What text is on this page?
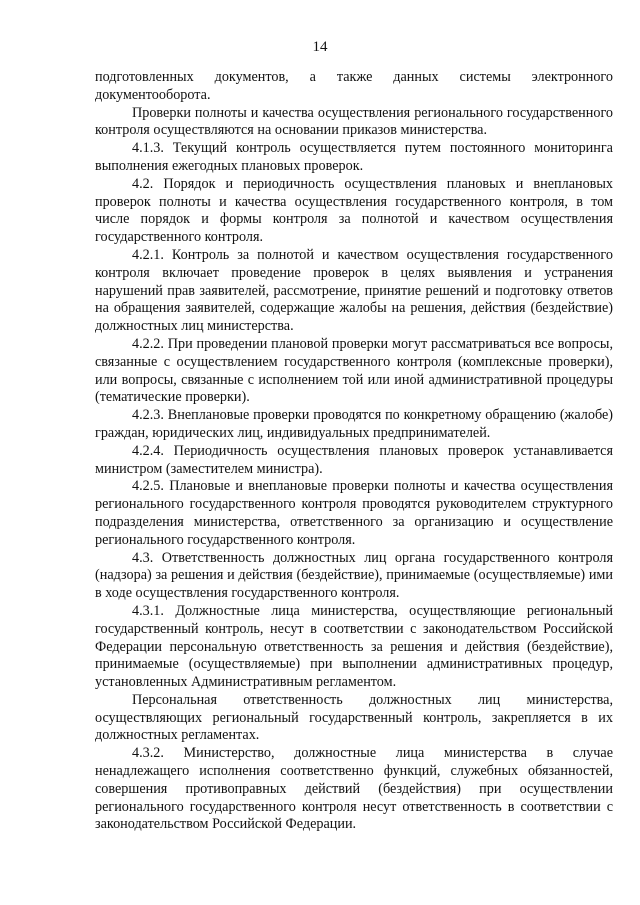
14

подготовленных документов, а также данных системы электронного документооборота.

Проверки полноты и качества осуществления регионального государственного контроля осуществляются на основании приказов министерства.

4.1.3. Текущий контроль осуществляется путем постоянного мониторинга выполнения ежегодных плановых проверок.

4.2. Порядок и периодичность осуществления плановых и внеплановых проверок полноты и качества осуществления государственного контроля, в том числе порядок и формы контроля за полнотой и качеством осуществления государственного контроля.

4.2.1. Контроль за полнотой и качеством осуществления государственного контроля включает проведение проверок в целях выявления и устранения нарушений прав заявителей, рассмотрение, принятие решений и подготовку ответов на обращения заявителей, содержащие жалобы на решения, действия (бездействие) должностных лиц министерства.

4.2.2. При проведении плановой проверки могут рассматриваться все вопросы, связанные с осуществлением государственного контроля (комплексные проверки), или вопросы, связанные с исполнением той или иной административной процедуры (тематические проверки).

4.2.3. Внеплановые проверки проводятся по конкретному обращению (жалобе) граждан, юридических лиц, индивидуальных предпринимателей.

4.2.4. Периодичность осуществления плановых проверок устанавливается министром (заместителем министра).

4.2.5. Плановые и внеплановые проверки полноты и качества осуществления регионального государственного контроля проводятся руководителем структурного подразделения министерства, ответственного за организацию и осуществление регионального государственного контроля.

4.3. Ответственность должностных лиц органа государственного контроля (надзора) за решения и действия (бездействие), принимаемые (осуществляемые) ими в ходе осуществления государственного контроля.

4.3.1. Должностные лица министерства, осуществляющие региональный государственный контроль, несут в соответствии с законодательством Российской Федерации персональную ответственность за решения и действия (бездействие), принимаемые (осуществляемые) при выполнении административных процедур, установленных Административным регламентом.

Персональная ответственность должностных лиц министерства, осуществляющих региональный государственный контроль, закрепляется в их должностных регламентах.

4.3.2. Министерство, должностные лица министерства в случае ненадлежащего исполнения соответственно функций, служебных обязанностей, совершения противоправных действий (бездействия) при осуществлении регионального государственного контроля несут ответственность в соответствии с законодательством Российской Федерации.
